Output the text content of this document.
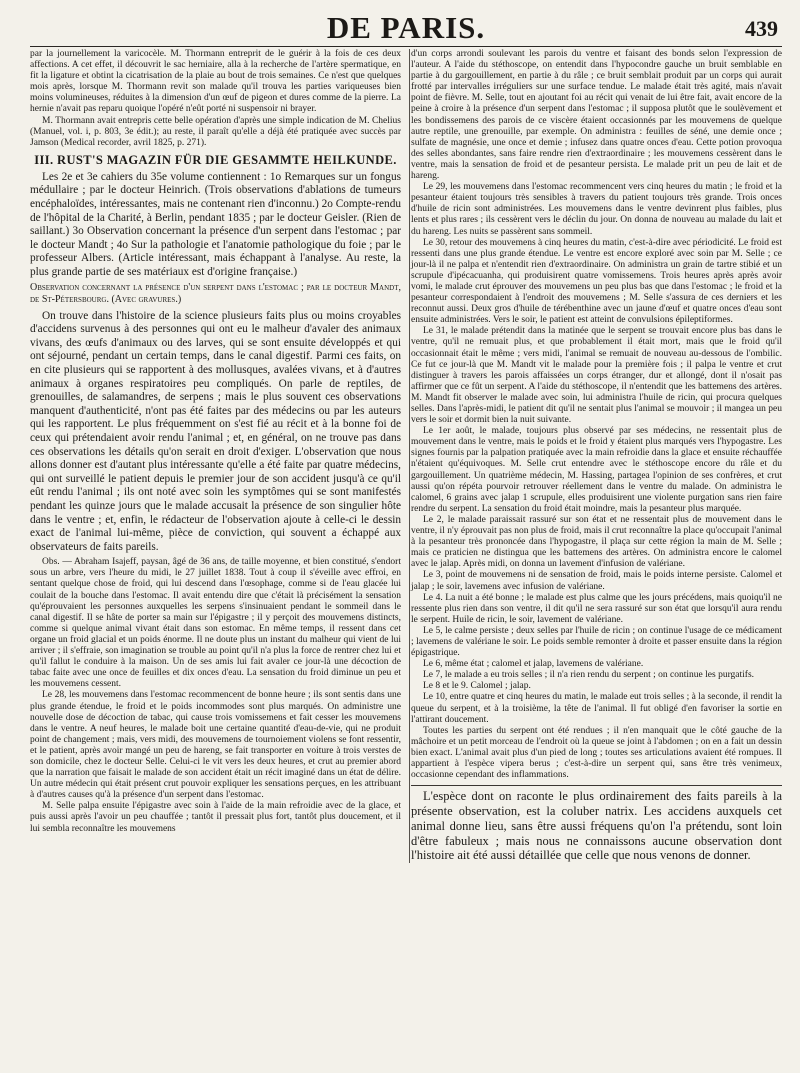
DE PARIS.	439

par la journellement la varicocèle. M. Thormann entreprit de le guérir à la fois de ces deux affections. A cet effet, il découvrit le sac herniaire, alla à la recherche de l'artère spermatique, en fit la ligature et obtint la cicatrisation de la plaie au bout de trois semaines. Ce n'est que quelques mois après, lorsque M. Thormann revit son malade qu'il trouva les parties variqueuses bien moins volumineuses, réduites à la dimension d'un œuf de pigeon et dures comme de la pierre. La hernie n'avait pas reparu quoique l'opéré n'eût porté ni suspensoir ni brayer.

M. Thormann avait entrepris cette belle opération d'après une simple indication de M. Chelius (Manuel, vol. i, p. 803, 3e édit.); au reste, il paraît qu'elle a déjà été pratiquée avec succès par Jamson (Medical recorder, avril 1825, p. 271).

III. RUST'S MAGAZIN FÜR DIE GESAMMTE HEILKUNDE.

Les 2e et 3e cahiers du 35e volume contiennent : 1o Remarques sur un fongus médullaire ; par le docteur Heinrich. (Trois observations d'ablations de tumeurs encéphaloïdes, intéressantes, mais ne contenant rien d'inconnu.) 2o Compte-rendu de l'hôpital de la Charité, à Berlin, pendant 1835 ; par le docteur Geisler. (Rien de saillant.) 3o Observation concernant la présence d'un serpent dans l'estomac ; par le docteur Mandt ; 4o Sur la pathologie et l'anatomie pathologique du foie ; par le professeur Albers. (Article intéressant, mais échappant à l'analyse. Au reste, la plus grande partie de ses matériaux est d'origine française.)

Observation concernant la présence d'un serpent dans l'estomac ; par le docteur Mandt, de St-Pétersbourg. (Avec gravures.)

On trouve dans l'histoire de la science plusieurs faits plus ou moins croyables d'accidens survenus à des personnes qui ont eu le malheur d'avaler des animaux vivans, des œufs d'animaux ou des larves, qui se sont ensuite développés et qui ont séjourné, pendant un certain temps, dans le canal digestif. Parmi ces faits, on en cite plusieurs qui se rapportent à des mollusques, avalées vivans, et à d'autres animaux à organes respiratoires peu compliqués. On parle de reptiles, de grenouilles, de salamandres, de serpens ; mais le plus souvent ces observations manquent d'authenticité, n'ont pas été faites par des médecins ou par les auteurs qui les rapportent. Le plus fréquemment on s'est fié au récit et à la bonne foi de ceux qui prétendaient avoir rendu l'animal ; et, en général, on ne trouve pas dans ces observations les détails qu'on serait en droit d'exiger. L'observation que nous allons donner est d'autant plus intéressante qu'elle a été faite par quatre médecins, qui ont surveillé le patient depuis le premier jour de son accident jusqu'à ce qu'il eût rendu l'animal ; ils ont noté avec soin les symptômes qui se sont manifestés pendant les quinze jours que le malade accusait la présence de son singulier hôte dans le ventre ; et, enfin, le rédacteur de l'observation ajoute à celle-ci le dessin exact de l'animal lui-même, pièce de conviction, qui souvent a échappé aux observateurs de faits pareils.

Obs. — Abraham Isajeff, paysan, âgé de 36 ans, de taille moyenne, et bien constitué, s'endort sous un arbre, vers l'heure du midi, le 27 juillet 1838. Tout à coup il s'éveille avec effroi, en sentant quelque chose de froid, qui lui descend dans l'œsophage, comme si de l'eau glacée lui coulait de la bouche dans l'estomac. Il avait entendu dire que c'était là précisément la sensation qu'éprouvaient les personnes auxquelles les serpens s'insinuaient pendant le sommeil dans le canal digestif. Il se hâte de porter sa main sur l'épigastre ; il y perçoit des mouvemens distincts, comme si quelque animal vivant était dans son estomac. En même temps, il ressent dans cet organe un froid glacial et un poids énorme. Il ne doute plus un instant du malheur qui vient de lui arriver ; il s'effraie, son imagination se trouble au point qu'il n'a plus la force de rentrer chez lui et qu'il fallut le conduire à la maison. Un de ses amis lui fait avaler ce jour-là une décoction de tabac faite avec une once de feuilles et dix onces d'eau. La sensation du froid diminue un peu et les mouvemens cessent.

Le 28, les mouvemens dans l'estomac recommencent de bonne heure ; ils sont sentis dans une plus grande étendue, le froid et le poids incommodes sont plus marqués. On administre une nouvelle dose de décoction de tabac, qui cause trois vomissemens et fait cesser les mouvemens dans le ventre. A neuf heures, le malade boit une certaine quantité d'eau-de-vie, qui ne produit point de changement ; mais, vers midi, des mouvemens de tournoiement violens se font ressentir, et le patient, après avoir mangé un peu de hareng, se fait transporter en voiture à trois verstes de son domicile, chez le docteur Selle. Celui-ci le vit vers les deux heures, et crut au premier abord que la narration que faisait le malade de son accident était un récit imaginé dans un état de délire. Un autre médecin qui était présent crut pouvoir expliquer les sensations perçues, en les attribuant à d'autres causes qu'à la présence d'un serpent dans l'estomac.

M. Selle palpa ensuite l'épigastre avec soin à l'aide de la main refroidie avec de la glace, et puis aussi après l'avoir un peu chauffée ; tantôt il pressait plus fort, tantôt plus doucement, et il lui sembla reconnaître les mouvemens

d'un corps arrondi soulevant les parois du ventre et faisant des bonds selon l'expression de l'auteur. A l'aide du stéthoscope, on entendit dans l'hypocondre gauche un bruit semblable en partie à du gargouillement, en partie à du râle ; ce bruit semblait produit par un corps qui aurait frotté par intervalles irréguliers sur une surface tendue. Le malade était très agité, mais n'avait point de fièvre. M. Selle, tout en ajoutant foi au récit qui venait de lui être fait, avait encore de la peine à croire à la présence d'un serpent dans l'estomac ; il supposa plutôt que le soulèvement et les bondissemens des parois de ce viscère étaient occasionnés par les mouvemens de quelque autre reptile, une grenouille, par exemple. On administra : feuilles de séné, une demie once ; sulfate de magnésie, une once et demie ; infusez dans quatre onces d'eau. Cette potion provoqua des selles abondantes, sans faire rendre rien d'extraordinaire ; les mouvemens cessèrent dans le ventre, mais la sensation de froid et de pesanteur persista. Le malade prit un peu de lait et de hareng.

Le 29, les mouvemens dans l'estomac recommencent vers cinq heures du matin ; le froid et la pesanteur étaient toujours très sensibles à travers du patient toujours très grande. Trois onces d'huile de ricin sont administrées. Les mouvemens dans le ventre devinrent plus faibles, plus lents et plus rares ; ils cessèrent vers le déclin du jour. On donna de nouveau au malade du lait et du hareng. Les nuits se passèrent sans sommeil.

Le 30, retour des mouvemens à cinq heures du matin, c'est-à-dire avec périodicité. Le froid est ressenti dans une plus grande étendue. Le ventre est encore exploré avec soin par M. Selle ; ce jour-là il ne palpa et n'entendit rien d'extraordinaire. On administra un grain de tartre stibié et un scrupule d'ipécacuanha, qui produisirent quatre vomissemens. Trois heures après après avoir vomi, le malade crut éprouver des mouvemens un peu plus bas que dans l'estomac ; le froid et la pesanteur correspondaient à l'endroit des mouvemens ; M. Selle s'assura de ces derniers et les reconnut aussi. Deux gros d'huile de térébenthine avec un jaune d'œuf et quatre onces d'eau sont ensuite administrées. Vers le soir, le patient est atteint de convulsions épileptiformes.

Le 31, le malade prétendit dans la matinée que le serpent se trouvait encore plus bas dans le ventre, qu'il ne remuait plus, et que probablement il était mort, mais que le froid qu'il occasionnait était le même ; vers midi, l'animal se remuait de nouveau au-dessous de l'ombilic. Ce fut ce jour-là que M. Mandt vit le malade pour la première fois ; il palpa le ventre et crut distinguer à travers les parois affaissées un corps étranger, dur et allongé, dont il n'osait pas affirmer que ce fût un serpent. A l'aide du stéthoscope, il n'entendit que les battemens des artères. M. Mandt fit observer le malade avec soin, lui administra l'huile de ricin, qui procura quelques selles. Dans l'après-midi, le patient dit qu'il ne sentait plus l'animal se mouvoir ; il mangea un peu vers le soir et dormit bien la nuit suivante.

Le 1er août, le malade, toujours plus observé par ses médecins, ne ressentait plus de mouvement dans le ventre, mais le poids et le froid y étaient plus marqués vers l'hypogastre. Les signes fournis par la palpation pratiquée avec la main refroidie dans la glace et ensuite réchauffée n'étaient qu'équivoques. M. Selle crut entendre avec le stéthoscope encore du râle et du gargouillement. Un quatrième médecin, M. Hassing, partagea l'opinion de ses confrères, et crut aussi qu'on répéta pourvoir retrouver réellement dans le ventre du malade. On administra le calomel, 6 grains avec jalap 1 scrupule, elles produisirent une violente purgation sans rien faire rendre du serpent. La sensation du froid était moindre, mais la pesanteur plus marquée.

Le 2, le malade paraissait rassuré sur son état et ne ressentait plus de mouvement dans le ventre, il n'y éprouvait pas non plus de froid, mais il crut reconnaître la place qu'occupait l'animal à la pesanteur très prononcée dans l'hypogastre, il plaça sur cette région la main de M. Selle ; mais ce praticien ne distingua que les battemens des artères. On administra encore le calomel avec le jalap. Après midi, on donna un lavement d'infusion de valériane.

Le 3, point de mouvemens ni de sensation de froid, mais le poids interne persiste. Calomel et jalap ; le soir, lavemens avec infusion de valériane.

Le 4. La nuit a été bonne ; le malade est plus calme que les jours précédens, mais quoiqu'il ne ressente plus rien dans son ventre, il dit qu'il ne sera rassuré sur son état que lorsqu'il aura rendu le serpent. Huile de ricin, le soir, lavement de valériane.

Le 5, le calme persiste ; deux selles par l'huile de ricin ; on continue l'usage de ce médicament ; lavemens de valériane le soir. Le poids semble remonter à droite et passer ensuite dans la région épigastrique.

Le 6, même état ; calomel et jalap, lavemens de valériane.

Le 7, le malade a eu trois selles ; il n'a rien rendu du serpent ; on continue les purgatifs.

Le 8 et le 9. Calomel ; jalap.

Le 10, entre quatre et cinq heures du matin, le malade eut trois selles ; à la seconde, il rendit la queue du serpent, et à la troisième, la tête de l'animal. Il fut obligé d'en favoriser la sortie en l'attirant doucement.

Toutes les parties du serpent ont été rendues ; il n'en manquait que le côté gauche de la mâchoire et un petit morceau de l'endroit où la queue se joint à l'abdomen ; on en a fait un dessin bien exact. L'animal avait plus d'un pied de long ; toutes ses articulations avaient été rompues. Il appartient à l'espèce vipera berus ; c'est-à-dire un serpent qui, sans être très venimeux, occasionne cependant des inflammations.

L'espèce dont on raconte le plus ordinairement des faits pareils à la présente observation, est la coluber natrix. Les accidens auxquels cet animal donne lieu, sans être aussi fréquens qu'on l'a prétendu, sont loin d'être fabuleux ; mais nous ne connaissons aucune observation dont l'histoire ait été aussi détaillée que celle que nous venons de donner.
